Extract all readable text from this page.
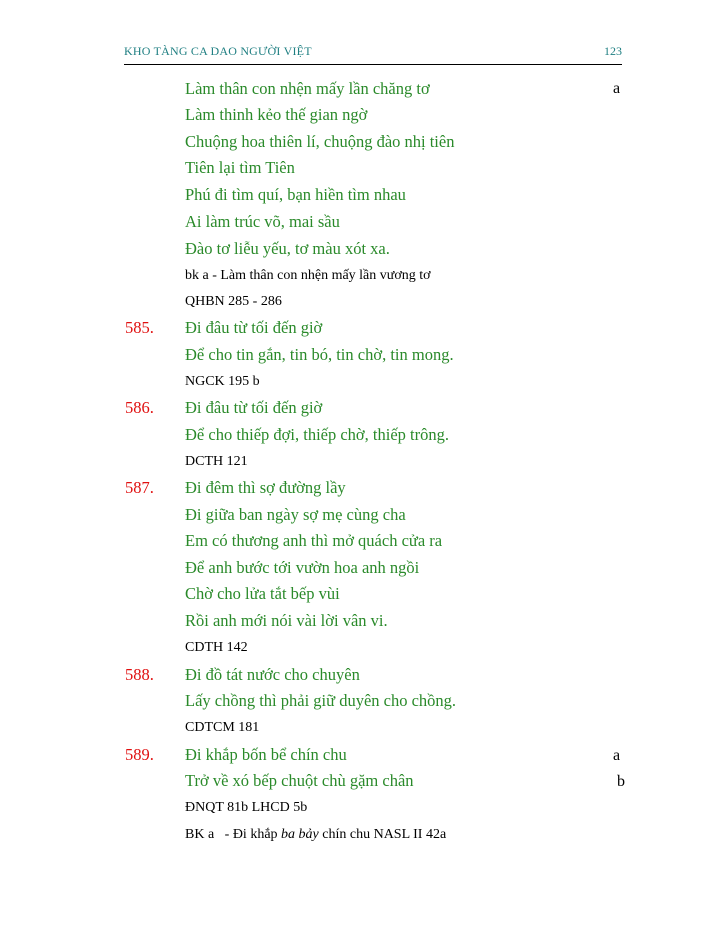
KHO TÀNG CA DAO NGƯỜI VIỆT	123
Làm thân con nhện mấy lần chăng tơ	a
Làm thinh kẻo thế gian ngờ
Chuộng hoa thiên lí, chuộng đào nhị tiên
Tiên lại tìm Tiên
Phú đi tìm quí, bạn hiền tìm nhau
Ai làm trúc võ, mai sầu
Đào tơ liễu yếu, tơ màu xót xa.
bk a - Làm thân con nhện mấy lần vương tơ
QHBN 285 - 286
585. Đi đâu từ tối đến giờ
Để cho tin gắn, tin bó, tin chờ, tin mong.
NGCK 195 b
586. Đi đâu từ tối đến giờ
Để cho thiếp đợi, thiếp chờ, thiếp trông.
DCTH 121
587. Đi đêm thì sợ đường lầy
Đi giữa ban ngày sợ mẹ cùng cha
Em có thương anh thì mở quách cửa ra
Để anh bước tới vườn hoa anh ngồi
Chờ cho lửa tắt bếp vùi
Rồi anh mới nói vài lời vân vi.
CDTH 142
588. Đi đồ tát nước cho chuyên
Lấy chồng thì phải giữ duyên cho chồng.
CDTCM 181
589. Đi khắp bốn bể chín chu	a
Trở về xó bếp chuột chù gặm chân	b
ĐNQT 81b LHCD 5b
BK a   - Đi khắp ba bảy chín chu NASL II 42a
